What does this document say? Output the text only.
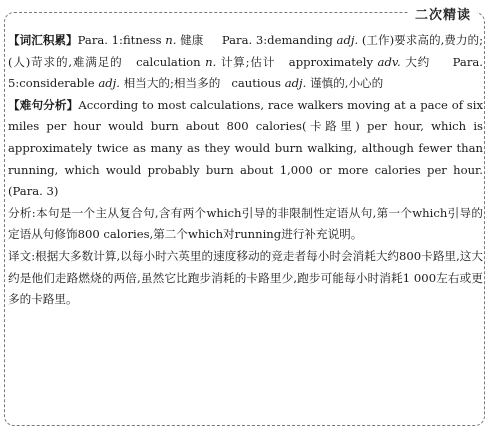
二次精读

【词汇积累】Para. 1:fitness n. 健康 Para. 3:demanding adj. (工作)要求高的,费力的;(人)苛求的,难满足的 calculation n. 计算;估计 approximately adv. 大约 Para. 5:considerable adj. 相当大的;相当多的 cautious adj. 谨慎的,小心的

【难句分析】According to most calculations, race walkers moving at a pace of six miles per hour would burn about 800 calories(卡路里) per hour, which is approximately twice as many as they would burn walking, although fewer than running, which would probably burn about 1,000 or more calories per hour.(Para. 3)

分析:本句是一个主从复合句,含有两个which引导的非限制性定语从句,第一个which引导的定语从句修饰800 calories,第二个which对running进行补充说明。

译文:根据大多数计算,以每小时六英里的速度移动的竞走者每小时会消耗大约800卡路里,这大约是他们走路燃烧的两倍,虽然它比跑步消耗的卡路里少,跑步可能每小时消耗1 000左右或更多的卡路里。
